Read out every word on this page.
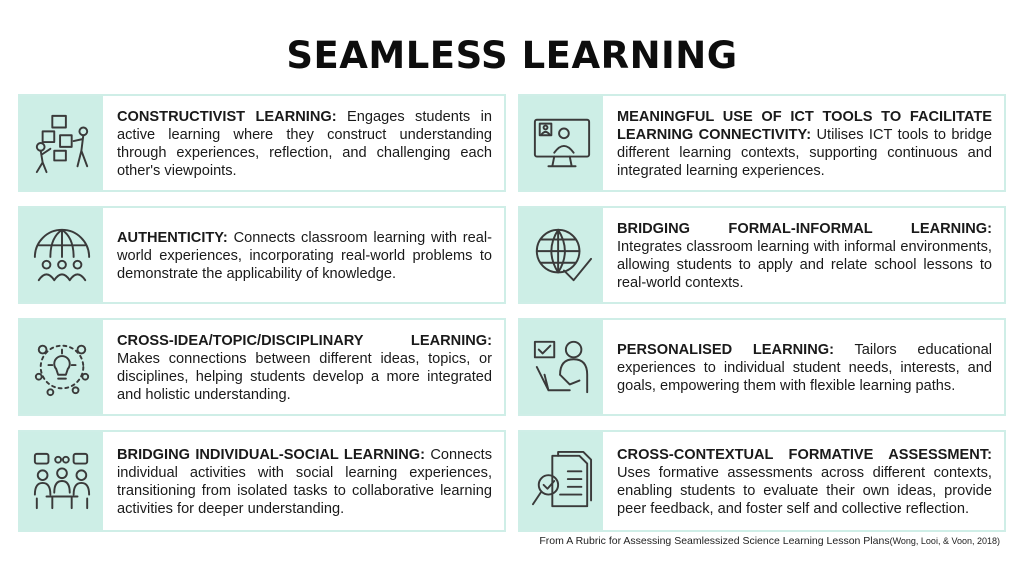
SEAMLESS LEARNING

CONSTRUCTIVIST LEARNING: Engages students in active learning where they construct understanding through experiences, reflection, and challenging each other's viewpoints.

MEANINGFUL USE OF ICT TOOLS TO FACILITATE LEARNING CONNECTIVITY: Utilises ICT tools to bridge different learning contexts, supporting continuous and integrated learning experiences.

AUTHENTICITY: Connects classroom learning with real-world experiences, incorporating real-world problems to demonstrate the applicability of knowledge.

BRIDGING FORMAL-INFORMAL LEARNING: Integrates classroom learning with informal environments, allowing students to apply and relate school lessons to real-world contexts.

CROSS-IDEA/TOPIC/DISCIPLINARY LEARNING: Makes connections between different ideas, topics, or disciplines, helping students develop a more integrated and holistic understanding.

PERSONALISED LEARNING: Tailors educational experiences to individual student needs, interests, and goals, empowering them with flexible learning paths.

BRIDGING INDIVIDUAL-SOCIAL LEARNING: Connects individual activities with social learning experiences, transitioning from isolated tasks to collaborative learning activities for deeper understanding.

CROSS-CONTEXTUAL FORMATIVE ASSESSMENT: Uses formative assessments across different contexts, enabling students to evaluate their own ideas, provide peer feedback, and foster self and collective reflection.

From A Rubric for Assessing Seamlessized Science Learning Lesson Plans(Wong, Looi, & Voon, 2018)
